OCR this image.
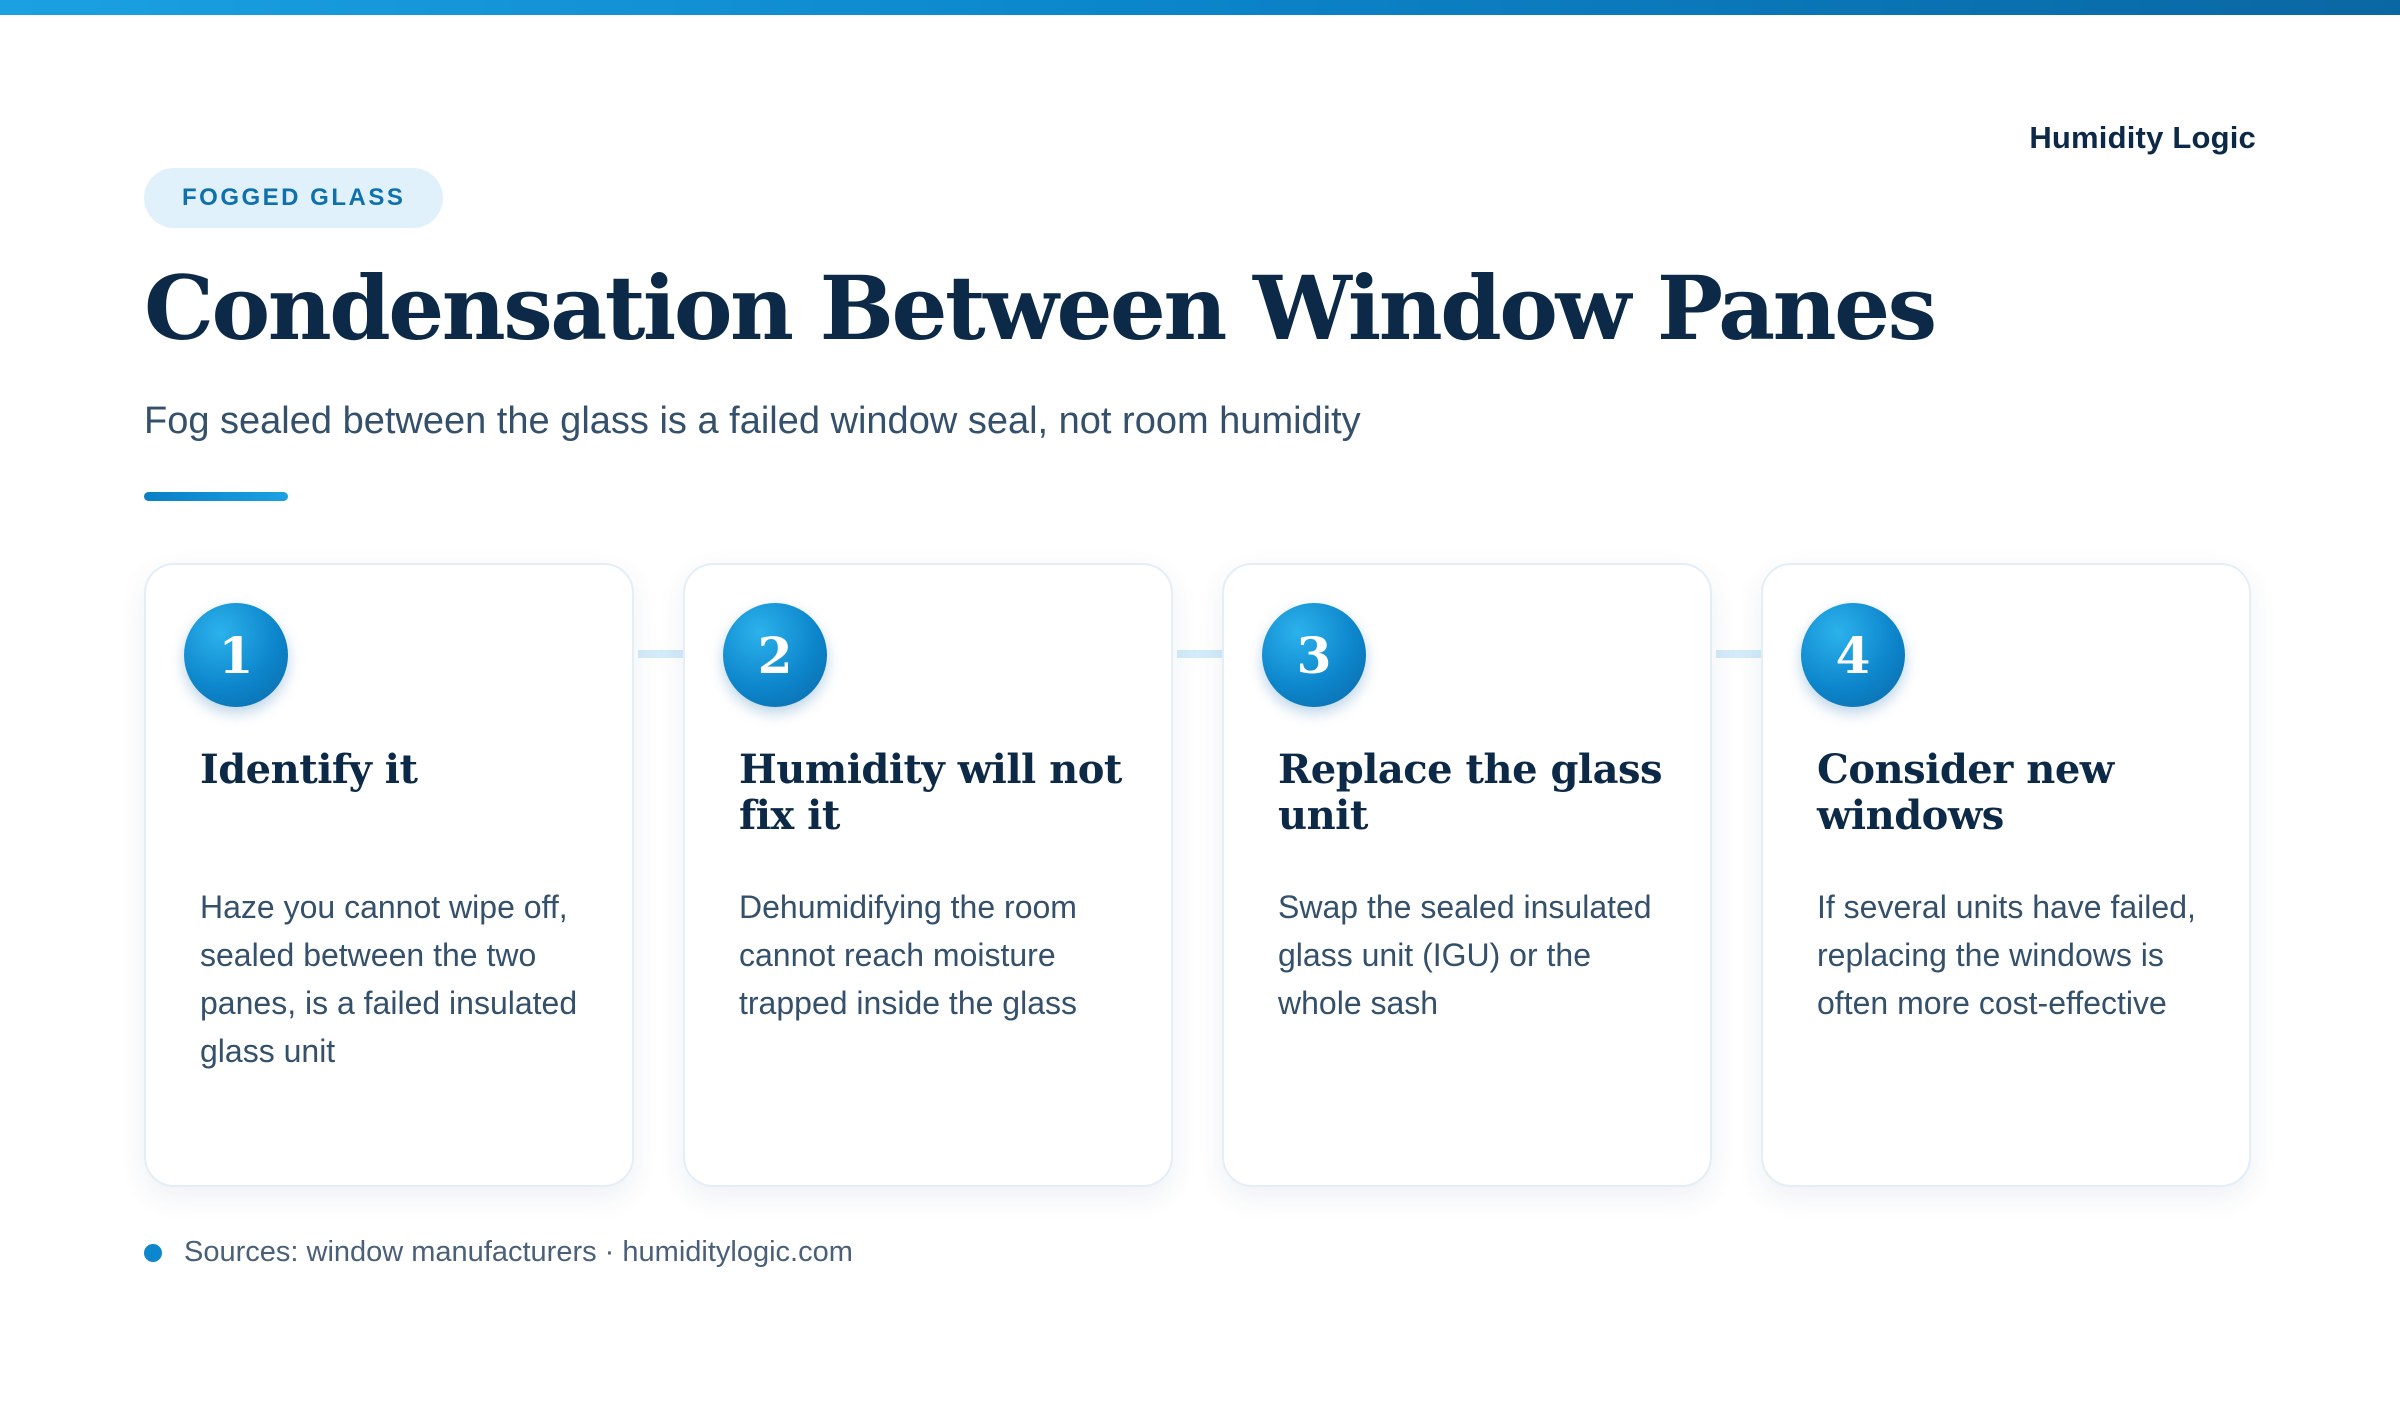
Humidity Logic
FOGGED GLASS
Condensation Between Window Panes
Fog sealed between the glass is a failed window seal, not room humidity
1
Identify it
Haze you cannot wipe off, sealed between the two panes, is a failed insulated glass unit
2
Humidity will not fix it
Dehumidifying the room cannot reach moisture trapped inside the glass
3
Replace the glass unit
Swap the sealed insulated glass unit (IGU) or the whole sash
4
Consider new windows
If several units have failed, replacing the windows is often more cost-effective
Sources: window manufacturers · humiditylogic.com
